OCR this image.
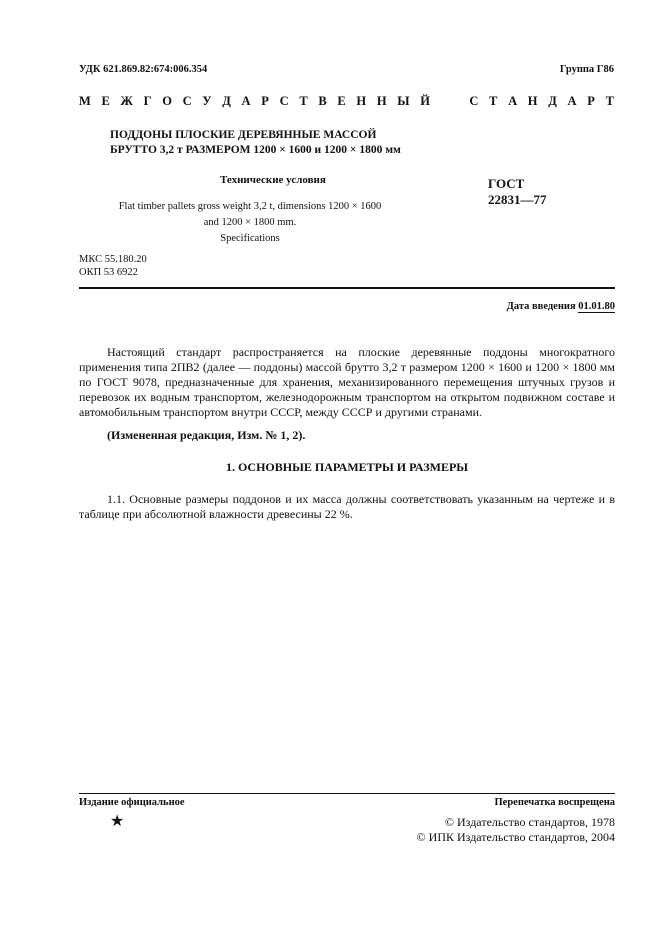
УДК 621.869.82:674:006.354	Группа Г86
М Е Ж Г О С У Д А Р С Т В Е Н Н Ы Й	С Т А Н Д А Р Т
ПОДДОНЫ ПЛОСКИЕ ДЕРЕВЯННЫЕ МАССОЙ
БРУТТО 3,2 т РАЗМЕРОМ 1200 × 1600 и 1200 × 1800 мм
Технические условия
Flat timber pallets gross weight 3,2 t, dimensions 1200 × 1600
and 1200 × 1800 mm.
Specifications
ГОСТ
22831—77
МКС 55.180.20
ОКП 53 6922
Дата введения 01.01.80
Настоящий стандарт распространяется на плоские деревянные поддоны многократного применения типа 2ПВ2 (далее — поддоны) массой брутто 3,2 т размером 1200 × 1600 и 1200 × 1800 мм по ГОСТ 9078, предназначенные для хранения, механизированного перемещения штучных грузов и перевозок их водным транспортом, железнодорожным транспортом на открытом подвижном составе и автомобильным транспортом внутри СССР, между СССР и другими странами.
(Измененная редакция, Изм. № 1, 2).
1. ОСНОВНЫЕ ПАРАМЕТРЫ И РАЗМЕРЫ
1.1. Основные размеры поддонов и их масса должны соответствовать указанным на чертеже и в таблице при абсолютной влажности древесины 22 %.
Издание официальное	Перепечатка воспрещена
★	© Издательство стандартов, 1978
© ИПК Издательство стандартов, 2004
